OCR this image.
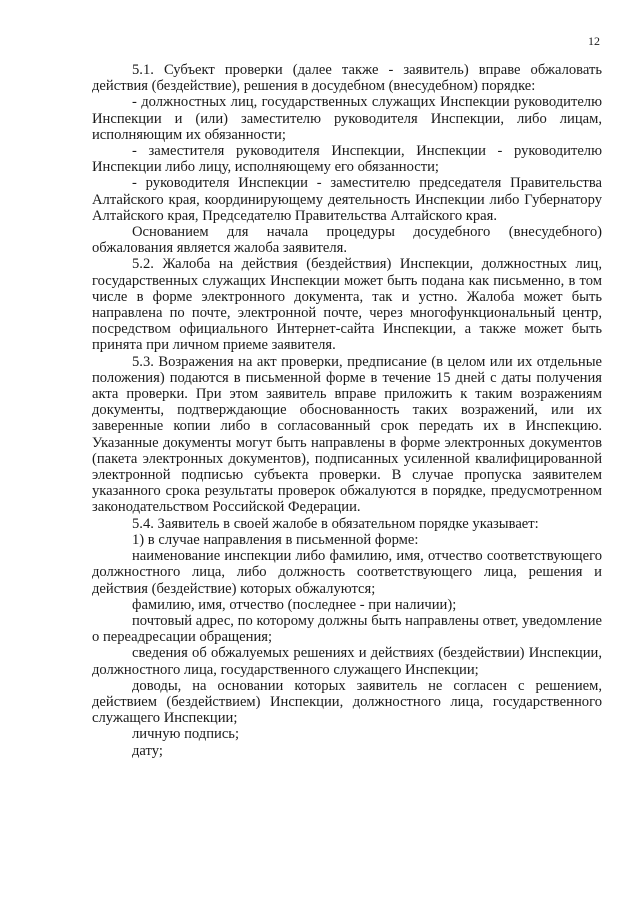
12

5.1. Субъект проверки (далее также - заявитель) вправе обжаловать действия (бездействие), решения в досудебном (внесудебном) порядке:

- должностных лиц, государственных служащих Инспекции руководителю Инспекции и (или) заместителю руководителя Инспекции, либо лицам, исполняющим их обязанности;

- заместителя руководителя Инспекции, Инспекции - руководителю Инспекции либо лицу, исполняющему его обязанности;

- руководителя Инспекции - заместителю председателя Правительства Алтайского края, координирующему деятельность Инспекции либо Губернатору Алтайского края, Председателю Правительства Алтайского края.

Основанием для начала процедуры досудебного (внесудебного) обжалования является жалоба заявителя.

5.2. Жалоба на действия (бездействия) Инспекции, должностных лиц, государственных служащих Инспекции может быть подана как письменно, в том числе в форме электронного документа, так и устно. Жалоба может быть направлена по почте, электронной почте, через многофункциональный центр, посредством официального Интернет-сайта Инспекции, а также может быть принята при личном приеме заявителя.

5.3. Возражения на акт проверки, предписание (в целом или их отдельные положения) подаются в письменной форме в течение 15 дней с даты получения акта проверки. При этом заявитель вправе приложить к таким возражениям документы, подтверждающие обоснованность таких возражений, или их заверенные копии либо в согласованный срок передать их в Инспекцию. Указанные документы могут быть направлены в форме электронных документов (пакета электронных документов), подписанных усиленной квалифицированной электронной подписью субъекта проверки. В случае пропуска заявителем указанного срока результаты проверок обжалуются в порядке, предусмотренном законодательством Российской Федерации.

5.4. Заявитель в своей жалобе в обязательном порядке указывает:

1) в случае направления в письменной форме:

наименование инспекции либо фамилию, имя, отчество соответствующего должностного лица, либо должность соответствующего лица, решения и действия (бездействие) которых обжалуются;

фамилию, имя, отчество (последнее - при наличии);

почтовый адрес, по которому должны быть направлены ответ, уведомление о переадресации обращения;

сведения об обжалуемых решениях и действиях (бездействии) Инспекции, должностного лица, государственного служащего Инспекции;

доводы, на основании которых заявитель не согласен с решением, действием (бездействием) Инспекции, должностного лица, государственного служащего Инспекции;

личную подпись;

дату;
